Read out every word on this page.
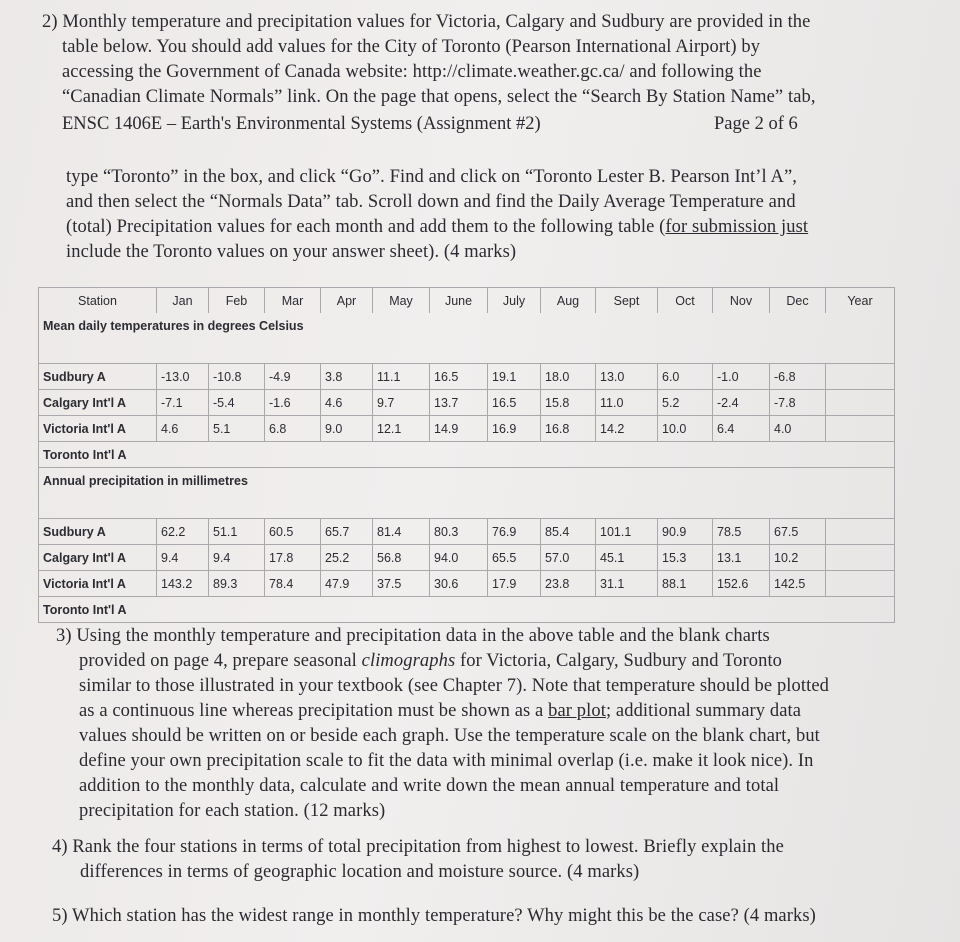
2) Monthly temperature and precipitation values for Victoria, Calgary and Sudbury are provided in the
table below. You should add values for the City of Toronto (Pearson International Airport) by
accessing the Government of Canada website: http://climate.weather.gc.ca/ and following the
“Canadian Climate Normals” link. On the page that opens, select the “Search By Station Name” tab,
ENSC 1406E – Earth's Environmental Systems (Assignment #2)	Page 2 of 6
type “Toronto” in the box, and click “Go”. Find and click on “Toronto Lester B. Pearson Int’l A”,
and then select the “Normals Data” tab. Scroll down and find the Daily Average Temperature and
(total) Precipitation values for each month and add them to the following table (for submission just
include the Toronto values on your answer sheet). (4 marks)
Station	Jan	Feb	Mar	Apr	May	June	July	Aug	Sept	Oct	Nov	Dec	Year
Mean daily temperatures in degrees Celsius													

Sudbury A	-13.0	-10.8	-4.9	3.8	11.1	16.5	19.1	18.0	13.0	6.0	-1.0	-6.8	
Calgary Int'l A	-7.1	-5.4	-1.6	4.6	9.7	13.7	16.5	15.8	11.0	5.2	-2.4	-7.8	
Victoria Int'l A	4.6	5.1	6.8	9.0	12.1	14.9	16.9	16.8	14.2	10.0	6.4	4.0	
Toronto Int'l A													
Annual precipitation in millimetres													

Sudbury A	62.2	51.1	60.5	65.7	81.4	80.3	76.9	85.4	101.1	90.9	78.5	67.5	
Calgary Int'l A	9.4	9.4	17.8	25.2	56.8	94.0	65.5	57.0	45.1	15.3	13.1	10.2	
Victoria Int'l A	143.2	89.3	78.4	47.9	37.5	30.6	17.9	23.8	31.1	88.1	152.6	142.5	
Toronto Int'l A													
3) Using the monthly temperature and precipitation data in the above table and the blank charts
provided on page 4, prepare seasonal climographs for Victoria, Calgary, Sudbury and Toronto
similar to those illustrated in your textbook (see Chapter 7). Note that temperature should be plotted
as a continuous line whereas precipitation must be shown as a bar plot; additional summary data
values should be written on or beside each graph. Use the temperature scale on the blank chart, but
define your own precipitation scale to fit the data with minimal overlap (i.e. make it look nice). In
addition to the monthly data, calculate and write down the mean annual temperature and total
precipitation for each station. (12 marks)
4) Rank the four stations in terms of total precipitation from highest to lowest. Briefly explain the
differences in terms of geographic location and moisture source. (4 marks)
5) Which station has the widest range in monthly temperature? Why might this be the case? (4 marks)
